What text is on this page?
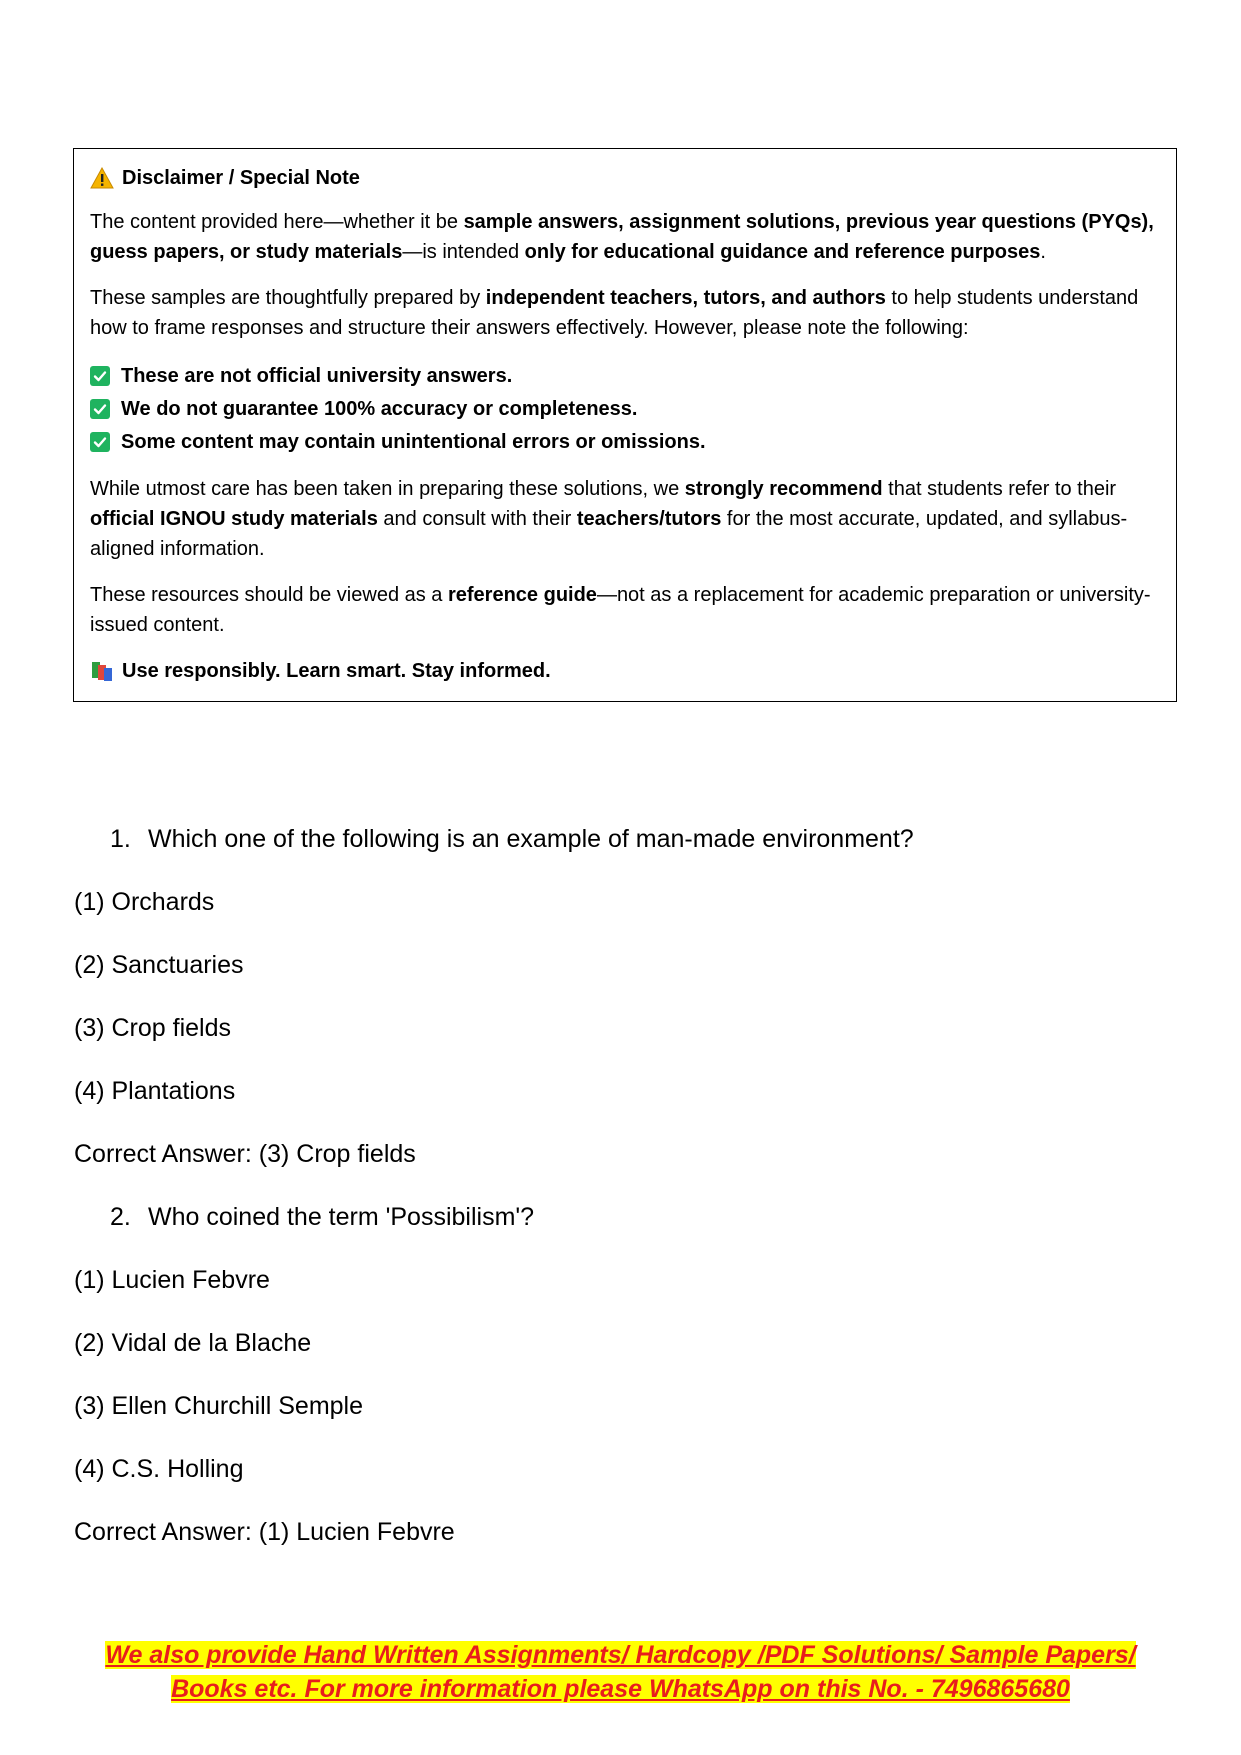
Disclaimer / Special Note

The content provided here—whether it be sample answers, assignment solutions, previous year questions (PYQs), guess papers, or study materials—is intended only for educational guidance and reference purposes.

These samples are thoughtfully prepared by independent teachers, tutors, and authors to help students understand how to frame responses and structure their answers effectively. However, please note the following:

These are not official university answers.
We do not guarantee 100% accuracy or completeness.
Some content may contain unintentional errors or omissions.

While utmost care has been taken in preparing these solutions, we strongly recommend that students refer to their official IGNOU study materials and consult with their teachers/tutors for the most accurate, updated, and syllabus-aligned information.

These resources should be viewed as a reference guide—not as a replacement for academic preparation or university-issued content.

Use responsibly. Learn smart. Stay informed.
1. Which one of the following is an example of man-made environment?
(1) Orchards
(2) Sanctuaries
(3) Crop fields
(4) Plantations
Correct Answer: (3) Crop fields
2. Who coined the term 'Possibilism'?
(1) Lucien Febvre
(2) Vidal de la Blache
(3) Ellen Churchill Semple
(4) C.S. Holling
Correct Answer: (1) Lucien Febvre
We also provide Hand Written Assignments/ Hardcopy /PDF Solutions/ Sample Papers/
Books etc. For more information please WhatsApp on this No. - 7496865680
